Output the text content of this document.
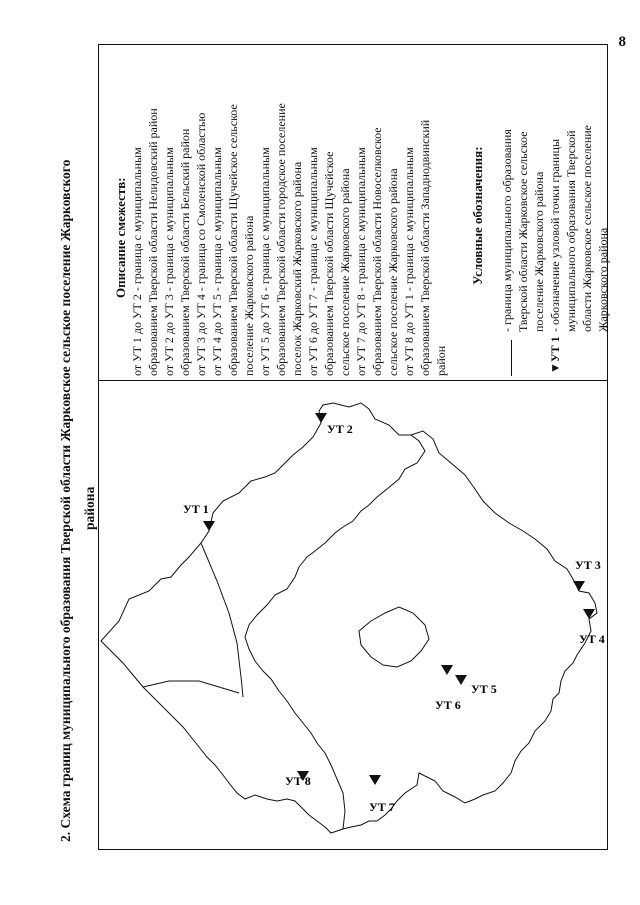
8
2. Схема границ муниципального образования Тверской области Жарковское сельское поселение Жарковского района
Описание смежеств: от УТ 1 до УТ 2 - граница с муниципальным образованием Тверской области Нелидовский район от УТ 2 до УТ 3 - граница с муниципальным образованием Тверской области Бельский район от УТ 3 до УТ 4 - граница со Смоленской областью от УТ 4 до УТ 5 - граница с муниципальным образованием Тверской области Щучейское сельское поселение Жарковского района от УТ 5 до УТ 6 - граница с муниципальным образованием Тверской области городское поселение поселок Жарковский Жарковского района от УТ 6 до УТ 7 - граница с муниципальным образованием Тверской области Щучейское сельское поселение Жарковского района от УТ 7 до УТ 8 - граница с муниципальным образованием Тверской области Новоселковское сельское поселение Жарковского района от УТ 8 до УТ 1 - граница с муниципальным образованием Тверской области Западнодвинский район
Условные обозначения: - граница муниципального образования Тверской области Жарковское сельское поселение Жарковского района
▼УТ 1
- обозначение узловой точки границы муниципального образования Тверской области Жарковское сельское поселение Жарковского района
УТ 1
УТ 2
УТ 3
УТ 4
УТ 5
УТ 6
УТ 7
УТ 8
